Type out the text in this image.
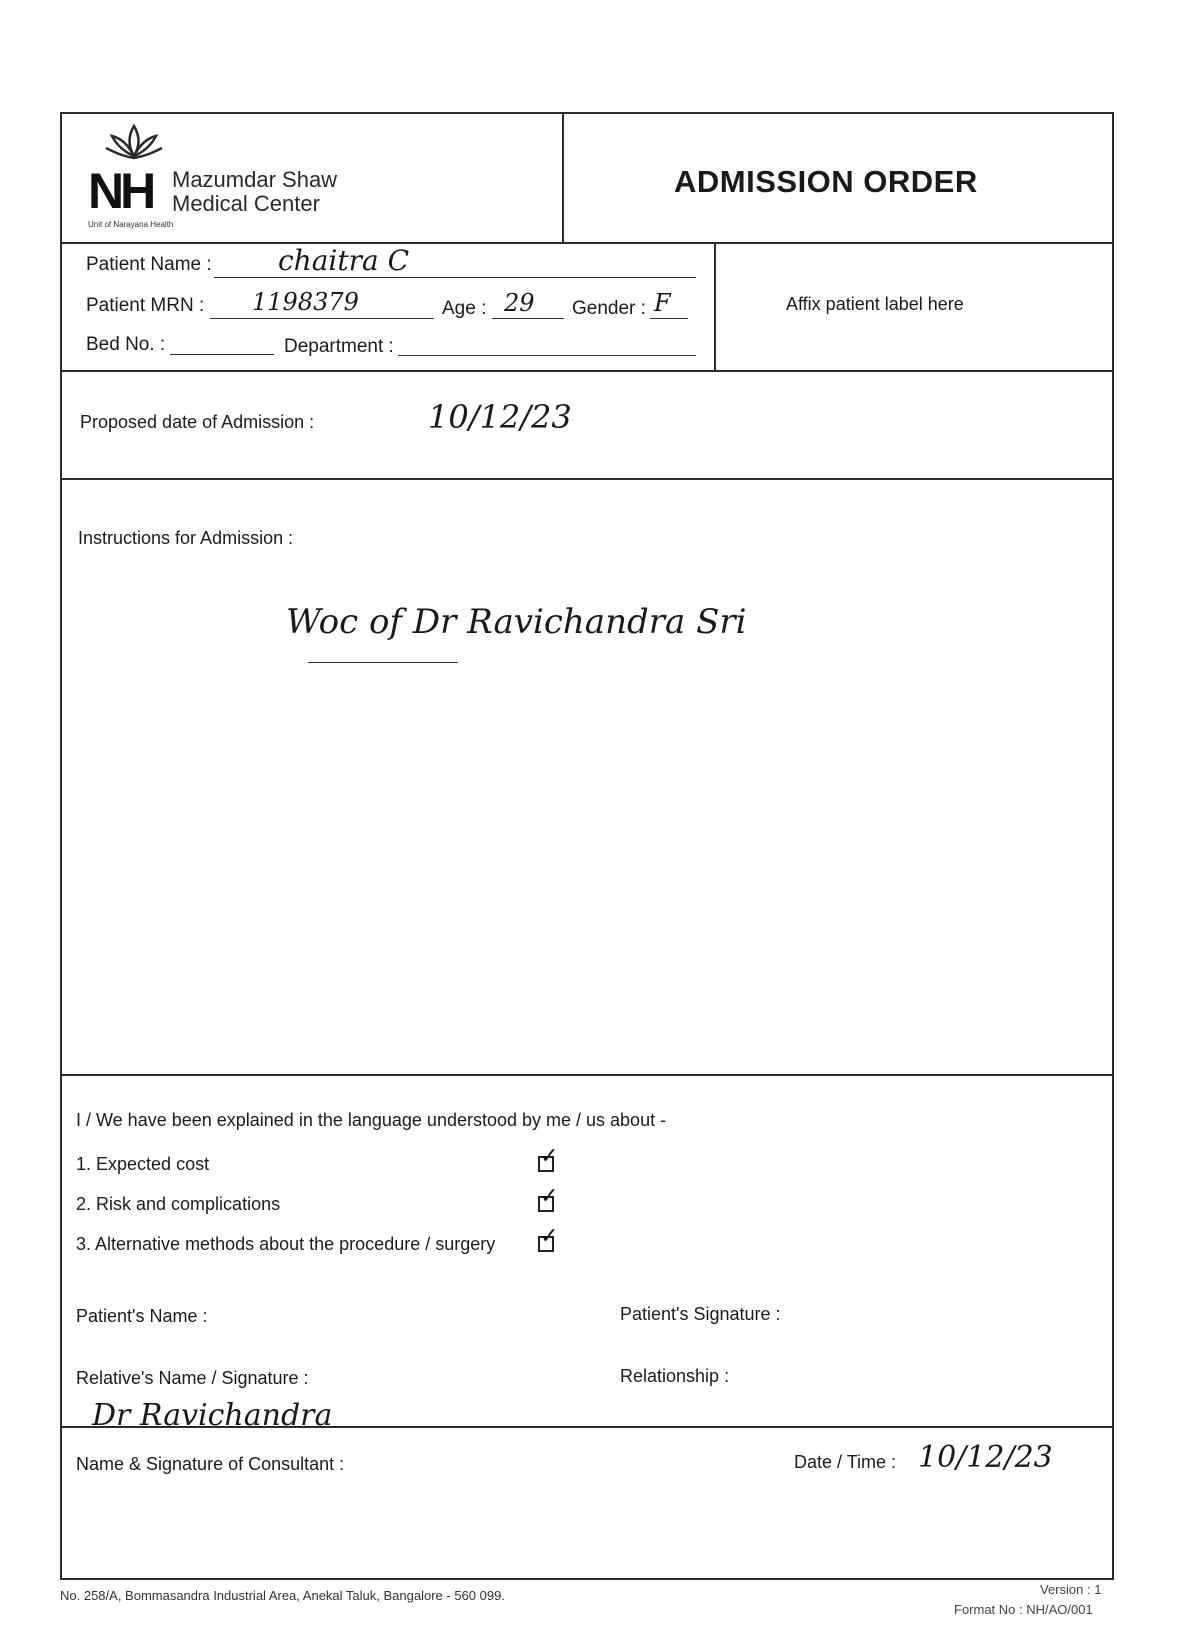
NH Mazumdar Shaw
Medical Center
Unit of Narayana Health
ADMISSION ORDER
Patient Name : chaitra C
Patient MRN : 1198379	Age : 29 Gender : F
Bed No. :	Department :
Affix patient label here
Proposed date of Admission :	10/12/23
Instructions for Admission :
Woc of Dr Ravichandra Sri
I / We have been explained in the language understood by me / us about -
1. Expected cost	✓
2. Risk and complications	✓
3. Alternative methods about the procedure / surgery ✓
Patient's Name :	Patient's Signature :
Relative's Name / Signature :	Relationship :
Dr Ravichandra
Name & Signature of Consultant :	Date / Time : 10/12/23
No. 258/A, Bommasandra Industrial Area, Anekal Taluk, Bangalore - 560 099.	Version : 1
Format No : NH/AO/001
